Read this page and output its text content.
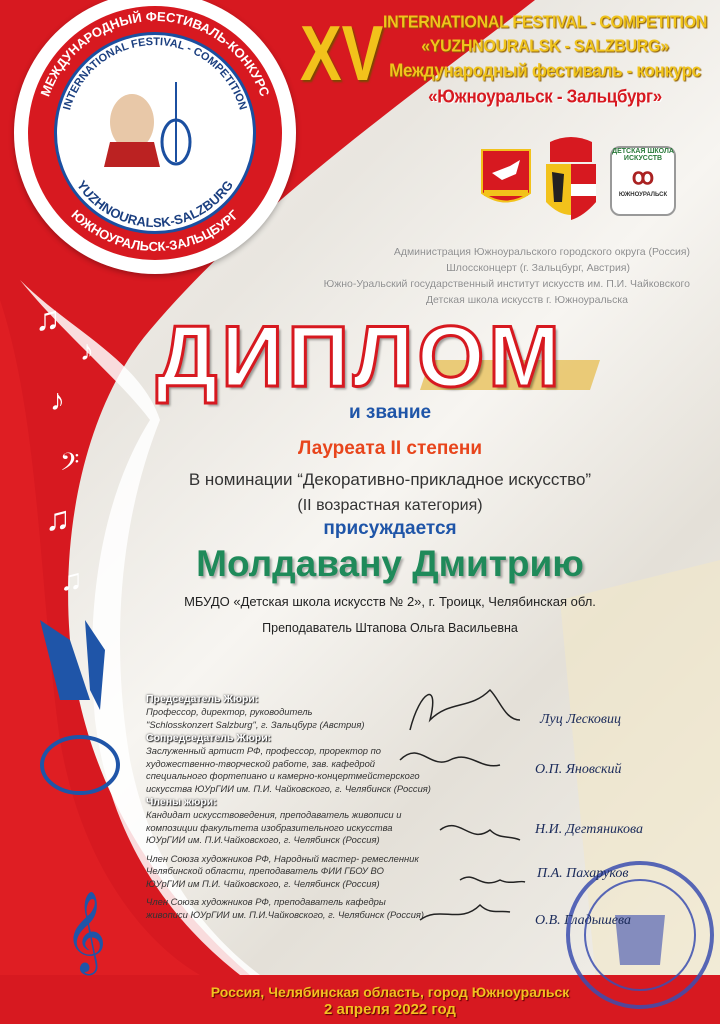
♫
♪
♪
𝄢
♫
♫
𝄞
МЕЖДУНАРОДНЫЙ ФЕСТИВАЛЬ-КОНКУРС
ЮЖНОУРАЛЬСК-ЗАЛЬЦБУРГ
INTERNATIONAL FESTIVAL - COMPETITION
YUZHNOURALSK-SALZBURG
XV INTERNATIONAL FESTIVAL - COMPETITION
«YUZHNOURALSK - SALZBURG»
Международный фестиваль - конкурс
«Южноуральск - Зальцбург»
ДЕТСКАЯ ШКОЛА ИСКУССТВ
ꝏ
ЮЖНОУРАЛЬСК
Администрация Южноуральского городского округа (Россия)
Шлоссконцерт (г. Зальцбург, Австрия)
Южно-Уральский государственный институт искусств им. П.И. Чайковского
Детская школа искусств г. Южноуральска
ДИПЛОМ
и звание
Лауреата II степени
В номинации “Декоративно-прикладное искусство”
(II возрастная категория)
присуждается
Молдавану Дмитрию
МБУДО «Детская школа искусств № 2», г. Троицк, Челябинская обл.
Преподаватель Штапова Ольга Васильевна
Председатель Жюри:
Профессор, директор, руководитель
"Schlosskonzert Salzburg", г. Зальцбург (Австрия)
Сопредседатель Жюри:
Заслуженный артист РФ, профессор, проректор по
художественно-творческой работе, зав. кафедрой
специального фортепиано и камерно-концертмейстерского
искусства ЮУрГИИ им. П.И. Чайковского, г. Челябинск (Россия)
Члены жюри:
Кандидат искусствоведения, преподаватель живописи и
композиции факультета изобразительного искусства
ЮУрГИИ им. П.И.Чайковского, г. Челябинск (Россия)
Член Союза художников РФ, Народный мастер- ремесленник
Челябинской области, преподаватель ФИИ ГБОУ ВО
ЮУрГИИ им П.И. Чайковского, г. Челябинск (Россия)
Член Союза художников РФ, преподаватель кафедры
живописи ЮУрГИИ им. П.И.Чайковского, г. Челябинск (Россия)
Луц Лесковиц
О.П. Яновский
Н.И. Дегтяникова
П.А. Пахаруков
О.В. Гладышева
Россия, Челябинская область, город Южноуральск
2 апреля 2022 год
